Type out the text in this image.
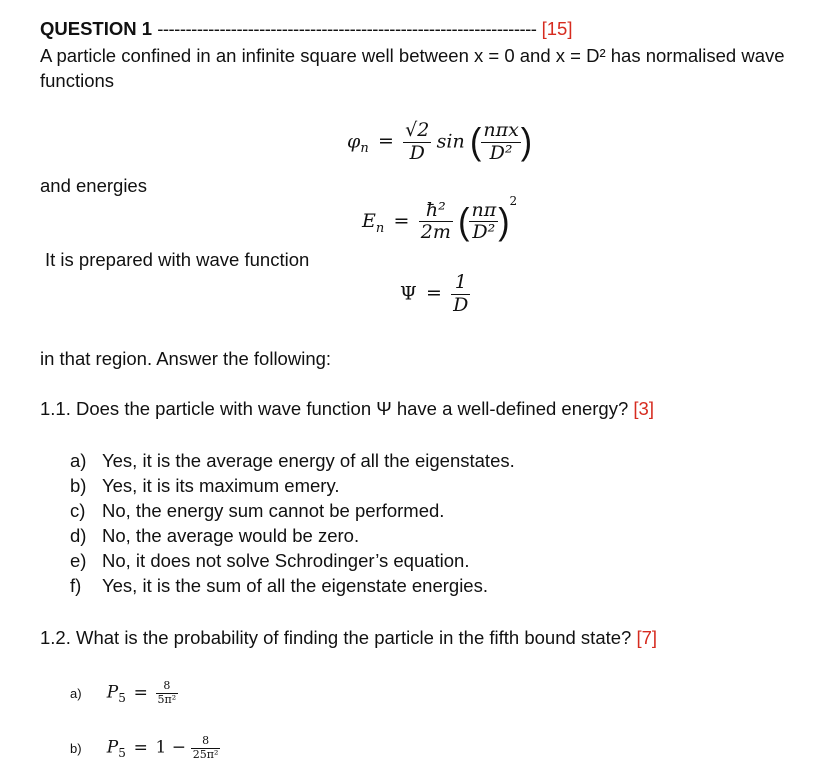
QUESTION 1 ------------------------------------------------------------------- [15]
A particle confined in an infinite square well between x = 0 and x = D² has normalised wave
functions
$\varphi_n = \frac{√2}{D}$ sin ( $\frac{\text{nπx}}{\text{D²}}$ )
and energies
$E_n = \frac{\text{ħ²}}{2m}$ ( $\frac{n\pi}{\text{D²}} )^2$
It is prepared with wave function
$\Psi = \frac{1}{D}$
in that region. Answer the following:
1.1. Does the particle with wave function Ψ have a well-defined energy? [3]
a) Yes, it is the average energy of all the eigenstates.
b) Yes, it is its maximum emery.
c) No, the energy sum cannot be performed.
d) No, the average would be zero.
e) No, it does not solve Schrodinger’s equation.
f) Yes, it is the sum of all the eigenstate energies.
1.2. What is the probability of finding the particle in the fifth bound state? [7]
a) $P_5 = \frac{8}{\text{5π²}}$
b) $P_5 = 1 - \frac{8}{\text{25π²}}$
